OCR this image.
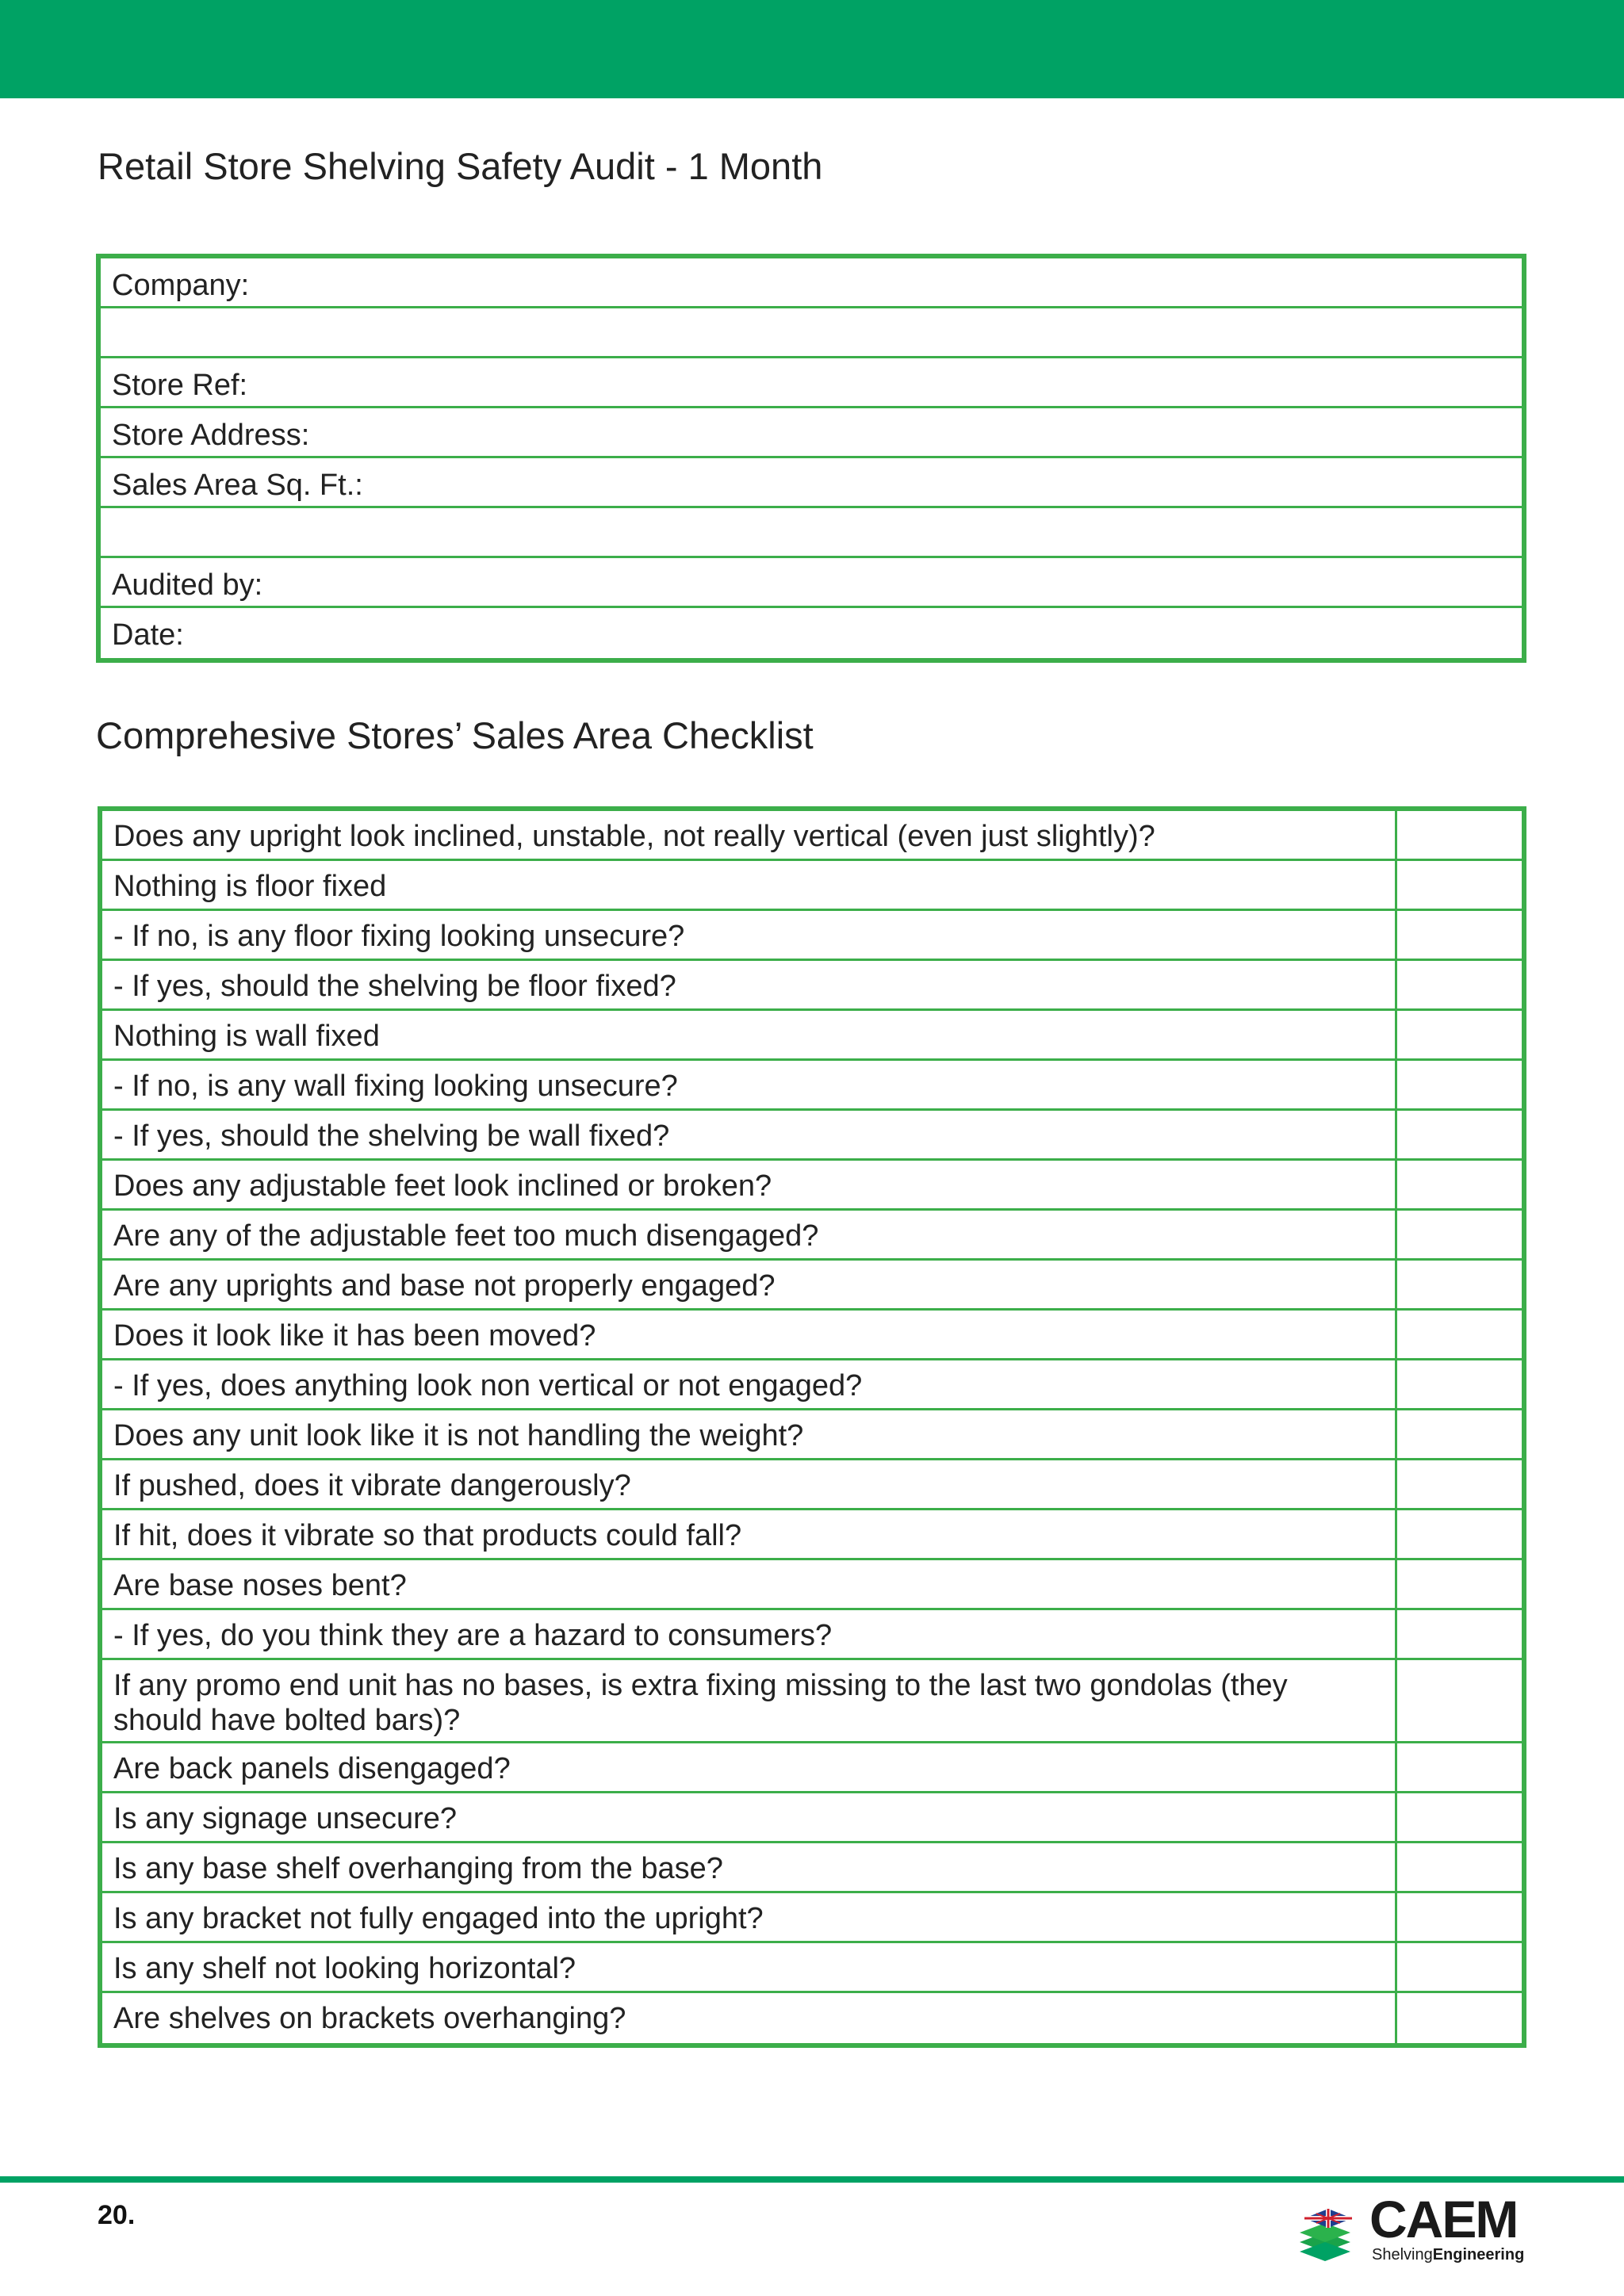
Retail Store Shelving Safety Audit - 1 Month
Company:
Store Ref:
Store Address:
Sales Area Sq. Ft.:
Audited by:
Date:
Comprehesive Stores’ Sales Area Checklist
Does any upright look inclined, unstable, not really vertical (even just slightly)?
Nothing is floor fixed
- If no, is any floor fixing looking unsecure?
- If yes, should the shelving be floor fixed?
Nothing is wall fixed
- If no, is any wall fixing looking unsecure?
- If yes, should the shelving be wall fixed?
Does any adjustable feet look inclined or broken?
Are any of the adjustable feet too much disengaged?
Are any uprights and base not properly engaged?
Does it look like it has been moved?
- If yes, does anything look non vertical or not engaged?
Does any unit look like it is not handling the weight?
If pushed, does it vibrate dangerously?
If hit, does it vibrate so that products could fall?
Are base noses bent?
- If yes, do you think they are a hazard to consumers?
If any promo end unit has no bases, is extra fixing missing to the last two gondolas (they should have bolted bars)?
Are back panels disengaged?
Is any signage unsecure?
Is any base shelf overhanging from the base?
Is any bracket not fully engaged into the upright?
Is any shelf not looking horizontal?
Are shelves on brackets overhanging?
20.	CAEM
ShelvingEngineering
